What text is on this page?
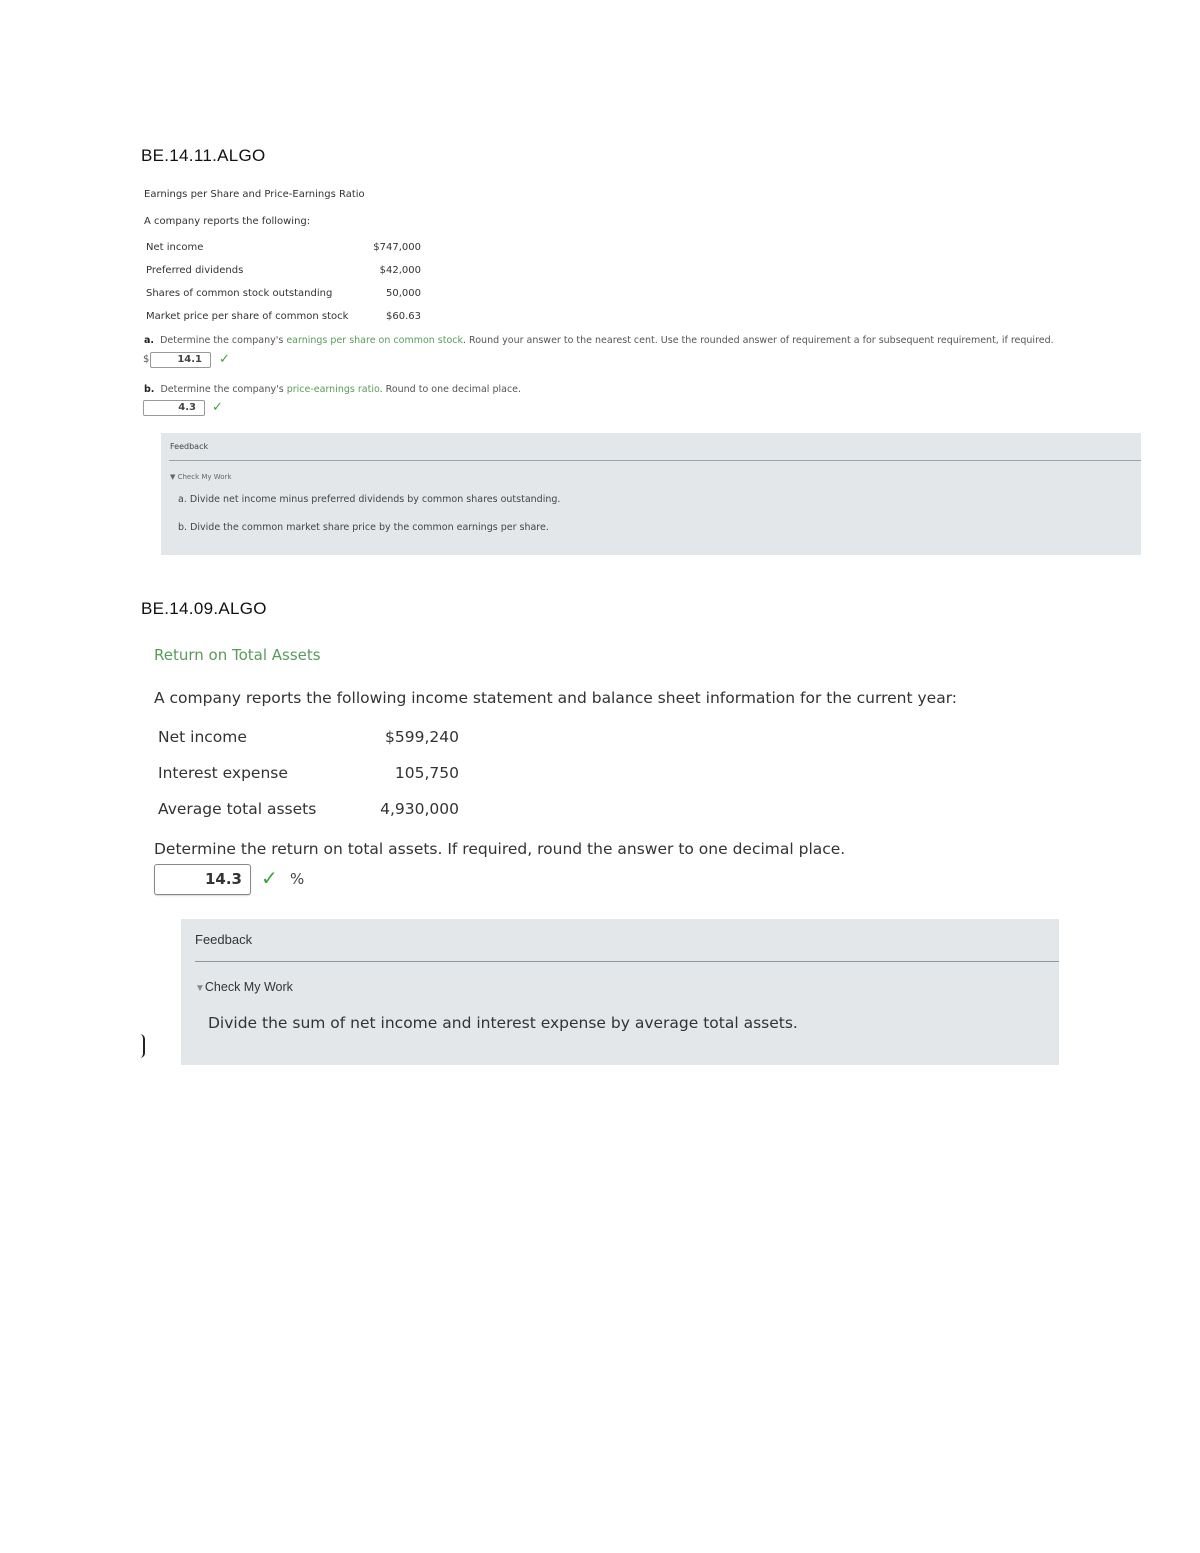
BE.14.11.ALGO
Earnings per Share and Price-Earnings Ratio
A company reports the following:
Net income	$747,000
Preferred dividends	$42,000
Shares of common stock outstanding	50,000
Market price per share of common stock	$60.63
a. Determine the company's earnings per share on common stock. Round your answer to the nearest cent. Use the rounded answer of requirement a for subsequent requirement, if required.
$	14.1	✓
b. Determine the company's price-earnings ratio. Round to one decimal place.
4.3	✓
Feedback
▼ Check My Work
a. Divide net income minus preferred dividends by common shares outstanding.
b. Divide the common market share price by the common earnings per share.
BE.14.09.ALGO
Return on Total Assets
A company reports the following income statement and balance sheet information for the current year:
Net income	$599,240
Interest expense	105,750
Average total assets	4,930,000
Determine the return on total assets. If required, round the answer to one decimal place.
14.3 ✓ %
Feedback
▼Check My Work
Divide the sum of net income and interest expense by average total assets.
